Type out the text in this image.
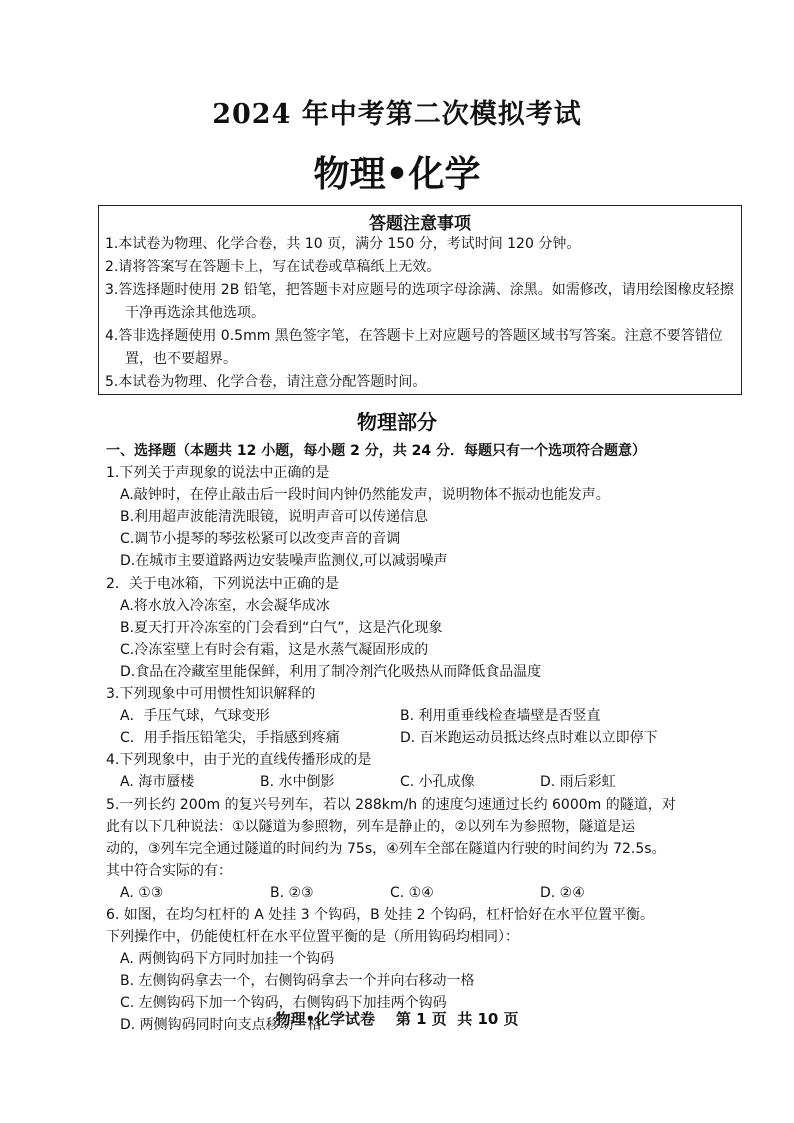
2024 年中考第二次模拟考试
物理•化学
答题注意事项
1.本试卷为物理、化学合卷，共 10 页，满分 150 分，考试时间 120 分钟。
2.请将答案写在答题卡上，写在试卷或草稿纸上无效。
3.答选择题时使用 2B 铅笔，把答题卡对应题号的选项字母涂满、涂黑。如需修改，请用绘图橡皮轻擦干净再选涂其他选项。
4.答非选择题使用 0.5mm 黑色签字笔，在答题卡上对应题号的答题区域书写答案。注意不要答错位置，也不要超界。
5.本试卷为物理、化学合卷，请注意分配答题时间。
物理部分
一、选择题（本题共 12 小题，每小题 2 分，共 24 分．每题只有一个选项符合题意）
1.下列关于声现象的说法中正确的是
A.敲钟时，在停止敲击后一段时间内钟仍然能发声，说明物体不振动也能发声。
B.利用超声波能清洗眼镜，说明声音可以传递信息
C.调节小提琴的琴弦松紧可以改变声音的音调
D.在城市主要道路两边安装噪声监测仪,可以减弱噪声
2．关于电冰箱，下列说法中正确的是
A.将水放入冷冻室，水会凝华成冰
B.夏天打开冷冻室的门会看到“白气”，这是汽化现象
C.冷冻室壁上有时会有霜，这是水蒸气凝固形成的
D.食品在冷藏室里能保鲜，利用了制冷剂汽化吸热从而降低食品温度
3.下列现象中可用惯性知识解释的
A．手压气球，气球变形	B. 利用重垂线检查墙壁是否竖直
C．用手指压铅笔尖，手指感到疼痛	D. 百米跑运动员抵达终点时难以立即停下
4.下列现象中，由于光的直线传播形成的是
A. 海市蜃楼	B. 水中倒影	C. 小孔成像	D. 雨后彩虹
5.一列长约 200m 的复兴号列车，若以 288km/h 的速度匀速通过长约 6000m 的隧道，对
此有以下几种说法：①以隧道为参照物，列车是静止的，②以列车为参照物，隧道是运
动的，③列车完全通过隧道的时间约为 75s，④列车全部在隧道内行驶的时间约为 72.5s。
其中符合实际的有：
A. ①③	B. ②③	C. ①④	D. ②④
6. 如图，在均匀杠杆的 A 处挂 3 个钩码，B 处挂 2 个钩码，杠杆恰好在水平位置平衡。
下列操作中，仍能使杠杆在水平位置平衡的是（所用钩码均相同）：
A. 两侧钩码下方同时加挂一个钩码
B. 左侧钩码拿去一个，右侧钩码拿去一个并向右移动一格
C. 左侧钩码下加一个钩码，右侧钩码下加挂两个钩码
D. 两侧钩码同时向支点移动一格
物理•化学试卷    第 1 页  共 10 页
